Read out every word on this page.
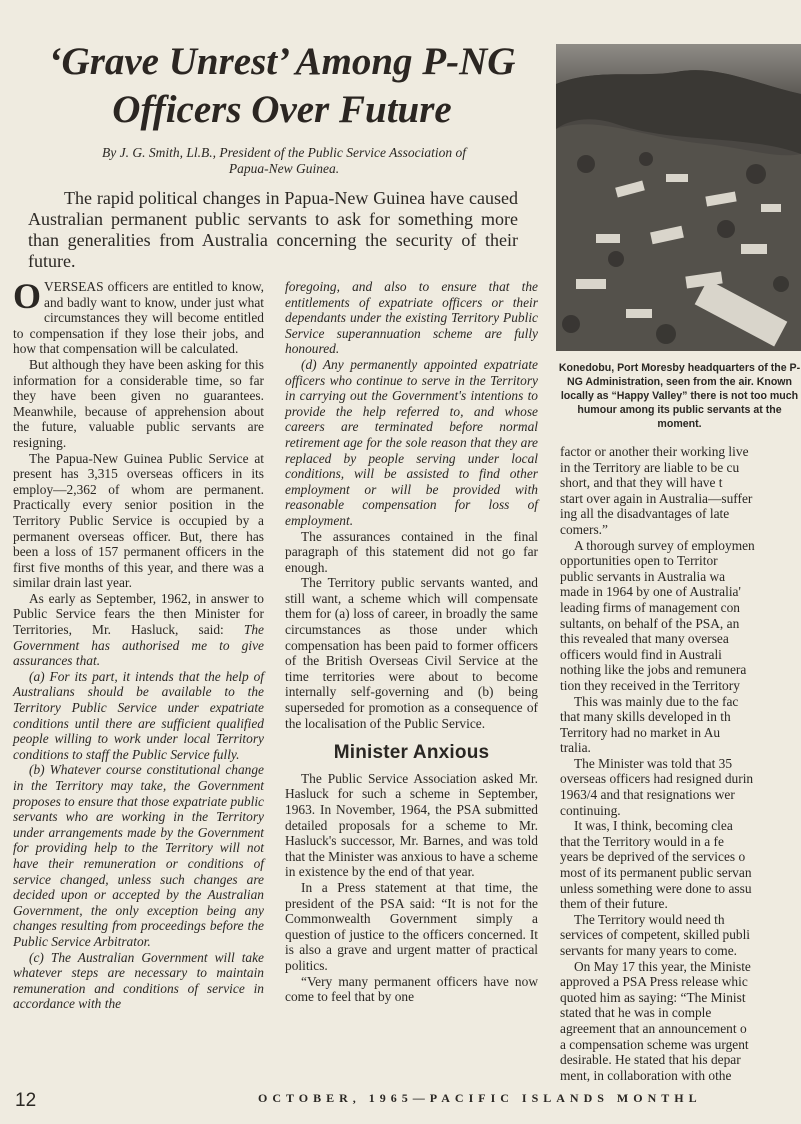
‘Grave Unrest’ Among P-NG
Officers Over Future
By J. G. Smith, Ll.B., President of the Public Service Association of
Papua-New Guinea.
The rapid political changes in Papua-New Guinea have caused Australian permanent public servants to ask for something more than generalities from Australia concerning the security of their future.
Konedobu, Port Moresby headquarters of the P-NG Administration, seen from the air. Known locally as “Happy Valley” there is not too much humour among its public servants at the moment.

OVERSEAS officers are entitled to know, and badly want to know, under just what circumstances they will become entitled to compensation if they lose their jobs, and how that compensation will be calculated.

But although they have been asking for this information for a considerable time, so far they have been given no guarantees. Meanwhile, because of apprehension about the future, valuable public servants are resigning.

The Papua-New Guinea Public Service at present has 3,315 overseas officers in its employ—2,362 of whom are permanent. Practically every senior position in the Territory Public Service is occupied by a permanent overseas officer. But, there has been a loss of 157 permanent officers in the first five months of this year, and there was a similar drain last year.

As early as September, 1962, in answer to Public Service fears the then Minister for Territories, Mr. Hasluck, said: The Government has authorised me to give assurances that.

(a) For its part, it intends that the help of Australians should be available to the Territory Public Service under expatriate conditions until there are sufficient qualified people willing to work under local Territory conditions to staff the Public Service fully.

(b) Whatever course constitutional change in the Territory may take, the Government proposes to ensure that those expatriate public servants who are working in the Territory under arrangements made by the Government for providing help to the Territory will not have their remuneration or conditions of service changed, unless such changes are decided upon or accepted by the Australian Government, the only exception being any changes resulting from proceedings before the Public Service Arbitrator.

(c) The Australian Government will take whatever steps are necessary to maintain remuneration and conditions of service in accordance with the

foregoing, and also to ensure that the entitlements of expatriate officers or their dependants under the existing Territory Public Service superannuation scheme are fully honoured.

(d) Any permanently appointed expatriate officers who continue to serve in the Territory in carrying out the Government's intentions to provide the help referred to, and whose careers are terminated before normal retirement age for the sole reason that they are replaced by people serving under local conditions, will be assisted to find other employment or will be provided with reasonable compensation for loss of employment.

The assurances contained in the final paragraph of this statement did not go far enough.

The Territory public servants wanted, and still want, a scheme which will compensate them for (a) loss of career, in broadly the same circumstances as those under which compensation has been paid to former officers of the British Overseas Civil Service at the time territories were about to become internally self-governing and (b) being superseded for promotion as a consequence of the localisation of the Public Service.

Minister Anxious

The Public Service Association asked Mr. Hasluck for such a scheme in September, 1963. In November, 1964, the PSA submitted detailed proposals for a scheme to Mr. Hasluck's successor, Mr. Barnes, and was told that the Minister was anxious to have a scheme in existence by the end of that year.

In a Press statement at that time, the president of the PSA said: “It is not for the Commonwealth Government simply a question of justice to the officers concerned. It is also a grave and urgent matter of practical politics.

“Very many permanent officers have now come to feel that by one

factor or another their working live
in the Territory are liable to be cu
short, and that they will have t
start over again in Australia—suffer
ing all the disadvantages of late
comers.”
A thorough survey of employmen
opportunities open to Territor
public servants in Australia wa
made in 1964 by one of Australia'
leading firms of management con
sultants, on behalf of the PSA, an
this revealed that many oversea
officers would find in Australi
nothing like the jobs and remunera
tion they received in the Territory
This was mainly due to the fac
that many skills developed in th
Territory had no market in Au
tralia.
The Minister was told that 35
overseas officers had resigned durin
1963/4 and that resignations wer
continuing.
It was, I think, becoming clea
that the Territory would in a fe
years be deprived of the services o
most of its permanent public servan
unless something were done to assu
them of their future.
The Territory would need th
services of competent, skilled publi
servants for many years to come.
On May 17 this year, the Ministe
approved a PSA Press release whic
quoted him as saying: “The Minist
stated that he was in comple
agreement that an announcement o
a compensation scheme was urgent
desirable. He stated that his depar
ment, in collaboration with othe
12	OCTOBER, 1965—PACIFIC ISLANDS MONTHL
